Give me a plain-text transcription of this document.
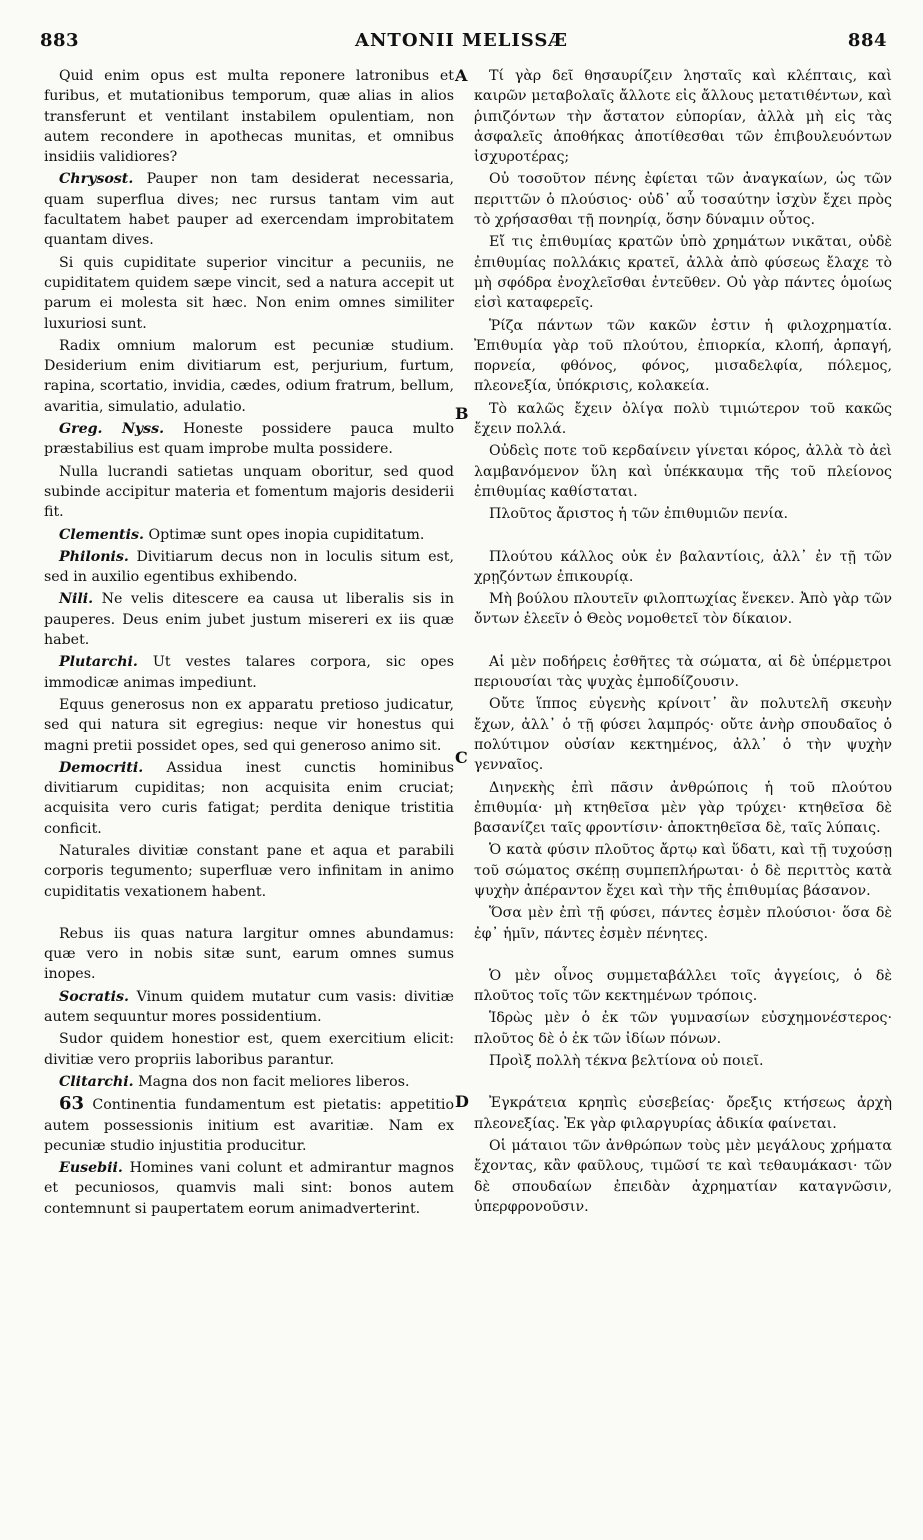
883	ANTONII MELISSÆ	884
A
B
C
D

Quid enim opus est multa reponere latronibus et furibus, et mutationibus temporum, quæ alias in alios transferunt et ventilant instabilem opulentiam, non autem recondere in apothecas munitas, et omnibus insidiis validiores?

Chrysost. Pauper non tam desiderat necessaria, quam superflua dives; nec rursus tantam vim aut facultatem habet pauper ad exercendam improbitatem quantam dives.

Si quis cupiditate superior vincitur a pecuniis, ne cupiditatem quidem sæpe vincit, sed a natura accepit ut parum ei molesta sit hæc. Non enim omnes similiter luxuriosi sunt.

Radix omnium malorum est pecuniæ studium. Desiderium enim divitiarum est, perjurium, furtum, rapina, scortatio, invidia, cædes, odium fratrum, bellum, avaritia, simulatio, adulatio.

Greg. Nyss. Honeste possidere pauca multo præstabilius est quam improbe multa possidere.

Nulla lucrandi satietas unquam oboritur, sed quod subinde accipitur materia et fomentum majoris desiderii fit.

Clementis. Optimæ sunt opes inopia cupiditatum.

Philonis. Divitiarum decus non in loculis situm est, sed in auxilio egentibus exhibendo.

Nili. Ne velis ditescere ea causa ut liberalis sis in pauperes. Deus enim jubet justum misereri ex iis quæ habet.

Plutarchi. Ut vestes talares corpora, sic opes immodicæ animas impediunt.

Equus generosus non ex apparatu pretioso judicatur, sed qui natura sit egregius: neque vir honestus qui magni pretii possidet opes, sed qui generoso animo sit.

Democriti. Assidua inest cunctis hominibus divitiarum cupiditas; non acquisita enim cruciat; acquisita vero curis fatigat; perdita denique tristitia conficit.

Naturales divitiæ constant pane et aqua et parabili corporis tegumento; superfluæ vero infinitam in animo cupiditatis vexationem habent.

Rebus iis quas natura largitur omnes abundamus: quæ vero in nobis sitæ sunt, earum omnes sumus inopes.

Socratis. Vinum quidem mutatur cum vasis: divitiæ autem sequuntur mores possidentium.

Sudor quidem honestior est, quem exercitium elicit: divitiæ vero propriis laboribus parantur.

Clitarchi. Magna dos non facit meliores liberos.

63 Continentia fundamentum est pietatis: appetitio autem possessionis initium est avaritiæ. Nam ex pecuniæ studio injustitia producitur.

Eusebii. Homines vani colunt et admirantur magnos et pecuniosos, quamvis mali sint: bonos autem contemnunt si paupertatem eorum animadverterint.

Τί γὰρ δεῖ θησαυρίζειν λησταῖς καὶ κλέπταις, καὶ καιρῶν μεταβολαῖς ἄλλοτε εἰς ἄλλους μετατιθέντων, καὶ ῥιπιζόντων τὴν ἄστατον εὐπορίαν, ἀλλὰ μὴ εἰς τὰς ἀσφαλεῖς ἀποθήκας ἀποτίθεσθαι τῶν ἐπιβουλευόντων ἰσχυροτέρας;

Οὐ τοσοῦτον πένης ἐφίεται τῶν ἀναγκαίων, ὡς τῶν περιττῶν ὁ πλούσιος· οὐδ᾽ αὖ τοσαύτην ἰσχὺν ἔχει πρὸς τὸ χρήσασθαι τῇ πονηρίᾳ, ὅσην δύναμιν οὗτος.

Εἴ τις ἐπιθυμίας κρατῶν ὑπὸ χρημάτων νικᾶται, οὐδὲ ἐπιθυμίας πολλάκις κρατεῖ, ἀλλὰ ἀπὸ φύσεως ἔλαχε τὸ μὴ σφόδρα ἐνοχλεῖσθαι ἐντεῦθεν. Οὐ γὰρ πάντες ὁμοίως εἰσὶ καταφερεῖς.

Ῥίζα πάντων τῶν κακῶν ἐστιν ἡ φιλοχρηματία. Ἐπιθυμία γὰρ τοῦ πλούτου, ἐπιορκία, κλοπή, ἁρπαγή, πορνεία, φθόνος, φόνος, μισαδελφία, πόλεμος, πλεονεξία, ὑπόκρισις, κολακεία.

Τὸ καλῶς ἔχειν ὀλίγα πολὺ τιμιώτερον τοῦ κακῶς ἔχειν πολλά.

Οὐδεὶς ποτε τοῦ κερδαίνειν γίνεται κόρος, ἀλλὰ τὸ ἀεὶ λαμβανόμενον ὕλη καὶ ὑπέκκαυμα τῆς τοῦ πλείονος ἐπιθυμίας καθίσταται.

Πλοῦτος ἄριστος ἡ τῶν ἐπιθυμιῶν πενία.

Πλούτου κάλλος οὐκ ἐν βαλαντίοις, ἀλλ᾽ ἐν τῇ τῶν χρῃζόντων ἐπικουρίᾳ.

Μὴ βούλου πλουτεῖν φιλοπτωχίας ἕνεκεν. Ἀπὸ γὰρ τῶν ὄντων ἐλεεῖν ὁ Θεὸς νομοθετεῖ τὸν δίκαιον.

Αἱ μὲν ποδήρεις ἐσθῆτες τὰ σώματα, αἱ δὲ ὑπέρμετροι περιουσίαι τὰς ψυχὰς ἐμποδίζουσιν.

Οὔτε ἵππος εὐγενὴς κρίνοιτ᾽ ἂν πολυτελῆ σκευὴν ἔχων, ἀλλ᾽ ὁ τῇ φύσει λαμπρός· οὔτε ἀνὴρ σπουδαῖος ὁ πολύτιμον οὐσίαν κεκτημένος, ἀλλ᾽ ὁ τὴν ψυχὴν γενναῖος.

Διηνεκὴς ἐπὶ πᾶσιν ἀνθρώποις ἡ τοῦ πλούτου ἐπιθυμία· μὴ κτηθεῖσα μὲν γὰρ τρύχει· κτηθεῖσα δὲ βασανίζει ταῖς φροντίσιν· ἀποκτηθεῖσα δὲ, ταῖς λύπαις.

Ὁ κατὰ φύσιν πλοῦτος ἄρτῳ καὶ ὕδατι, καὶ τῇ τυχούσῃ τοῦ σώματος σκέπῃ συμπεπλήρωται· ὁ δὲ περιττὸς κατὰ ψυχὴν ἀπέραντον ἔχει καὶ τὴν τῆς ἐπιθυμίας βάσανον.

Ὅσα μὲν ἐπὶ τῇ φύσει, πάντες ἐσμὲν πλούσιοι· ὅσα δὲ ἐφ᾽ ἡμῖν, πάντες ἐσμὲν πένητες.

Ὁ μὲν οἶνος συμμεταβάλλει τοῖς ἀγγείοις, ὁ δὲ πλοῦτος τοῖς τῶν κεκτημένων τρόποις.

Ἱδρὼς μὲν ὁ ἐκ τῶν γυμνασίων εὐσχημονέστερος· πλοῦτος δὲ ὁ ἐκ τῶν ἰδίων πόνων.

Προὶξ πολλὴ τέκνα βελτίονα οὐ ποιεῖ.

Ἐγκράτεια κρηπὶς εὐσεβείας· ὄρεξις κτήσεως ἀρχὴ πλεονεξίας. Ἐκ γὰρ φιλαργυρίας ἀδικία φαίνεται.

Οἱ μάταιοι τῶν ἀνθρώπων τοὺς μὲν μεγάλους χρήματα ἔχοντας, κἂν φαῦλους, τιμῶσί τε καὶ τεθαυμάκασι· τῶν δὲ σπουδαίων ἐπειδὰν ἀχρηματίαν καταγνῶσιν, ὑπερφρονοῦσιν.
